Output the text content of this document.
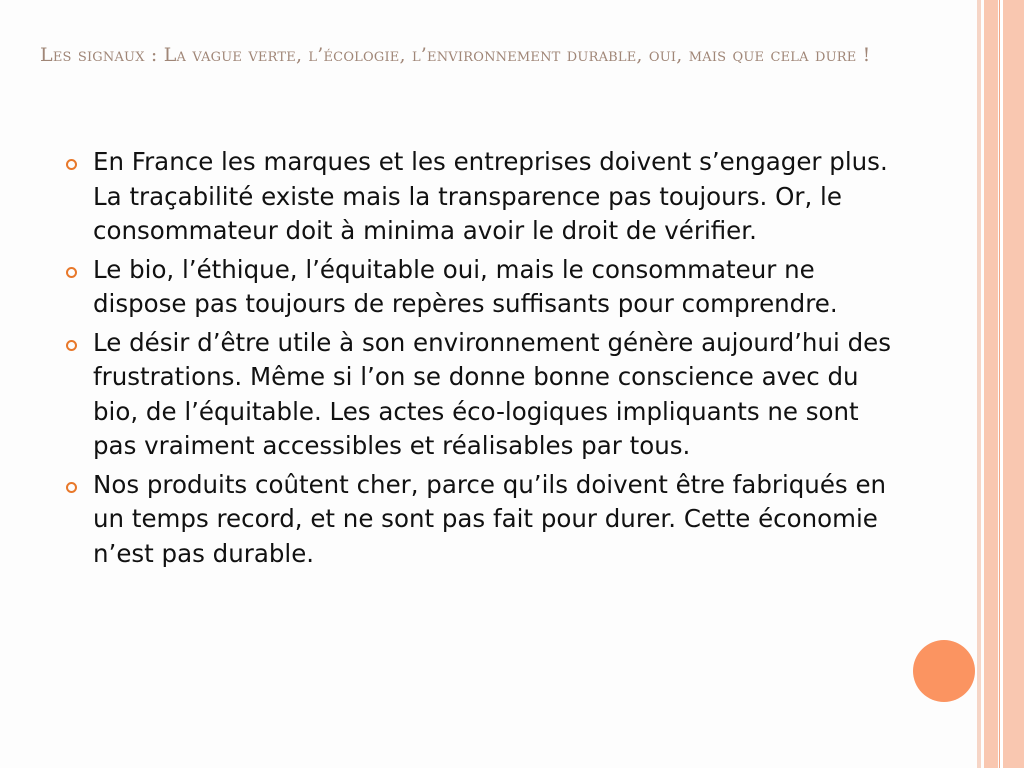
Les signaux : La vague verte, l’écologie, l’environnement durable, oui, mais que cela dure !
En France les marques et les entreprises doivent s’engager plus. La traçabilité existe mais la transparence pas toujours. Or, le consommateur doit à minima avoir le droit de vérifier.
Le bio, l’éthique, l’équitable oui, mais le consommateur ne dispose pas toujours de repères suffisants pour comprendre.
Le désir d’être utile à son environnement génère aujourd’hui des frustrations. Même si l’on se donne bonne conscience avec du bio, de l’équitable. Les actes éco-logiques impliquants ne sont pas vraiment accessibles et réalisables par tous.
Nos produits coûtent cher, parce qu’ils doivent être fabriqués en un temps record, et ne sont pas fait pour durer. Cette économie n’est pas durable.
